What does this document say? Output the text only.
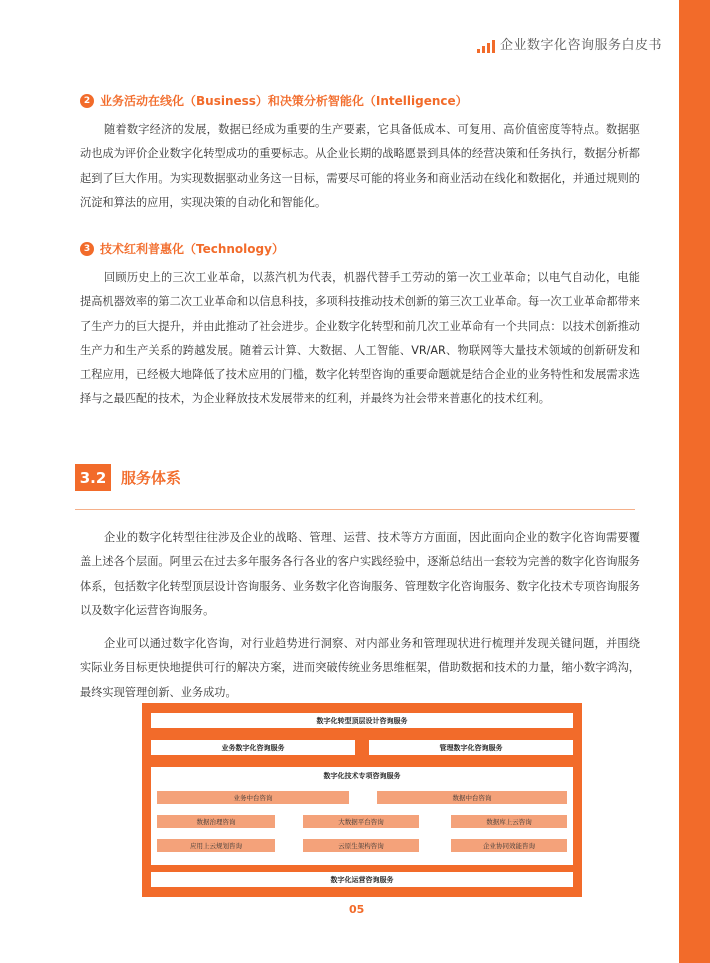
企业数字化咨询服务白皮书
2 业务活动在线化（Business）和决策分析智能化（Intelligence）

随着数字经济的发展，数据已经成为重要的生产要素，它具备低成本、可复用、高价值密度等特点。数据驱动也成为评价企业数字化转型成功的重要标志。从企业长期的战略愿景到具体的经营决策和任务执行，数据分析都起到了巨大作用。为实现数据驱动业务这一目标，需要尽可能的将业务和商业活动在线化和数据化，并通过规则的沉淀和算法的应用，实现决策的自动化和智能化。

3 技术红利普惠化（Technology）

回顾历史上的三次工业革命，以蒸汽机为代表，机器代替手工劳动的第一次工业革命；以电气自动化，电能提高机器效率的第二次工业革命和以信息科技，多项科技推动技术创新的第三次工业革命。每一次工业革命都带来了生产力的巨大提升，并由此推动了社会进步。企业数字化转型和前几次工业革命有一个共同点：以技术创新推动生产力和生产关系的跨越发展。随着云计算、大数据、人工智能、VR/AR、物联网等大量技术领域的创新研发和工程应用，已经极大地降低了技术应用的门槛，数字化转型咨询的重要命题就是结合企业的业务特性和发展需求选择与之最匹配的技术，为企业释放技术发展带来的红利，并最终为社会带来普惠化的技术红利。

3.2 服务体系

企业的数字化转型往往涉及企业的战略、管理、运营、技术等方方面面，因此面向企业的数字化咨询需要覆盖上述各个层面。阿里云在过去多年服务各行各业的客户实践经验中，逐渐总结出一套较为完善的数字化咨询服务体系，包括数字化转型顶层设计咨询服务、业务数字化咨询服务、管理数字化咨询服务、数字化技术专项咨询服务以及数字化运营咨询服务。

企业可以通过数字化咨询，对行业趋势进行洞察、对内部业务和管理现状进行梳理并发现关键问题，并围绕实际业务目标更快地提供可行的解决方案，进而突破传统业务思维框架，借助数据和技术的力量，缩小数字鸿沟，最终实现管理创新、业务成功。

数字化转型顶层设计咨询服务
业务数字化咨询服务	管理数字化咨询服务
数字化技术专项咨询服务
业务中台咨询	数据中台咨询
数据治理咨询	大数据平台咨询	数据库上云咨询
应用上云规划咨询	云原生架构咨询	企业协同效能咨询
数字化运营咨询服务
05
